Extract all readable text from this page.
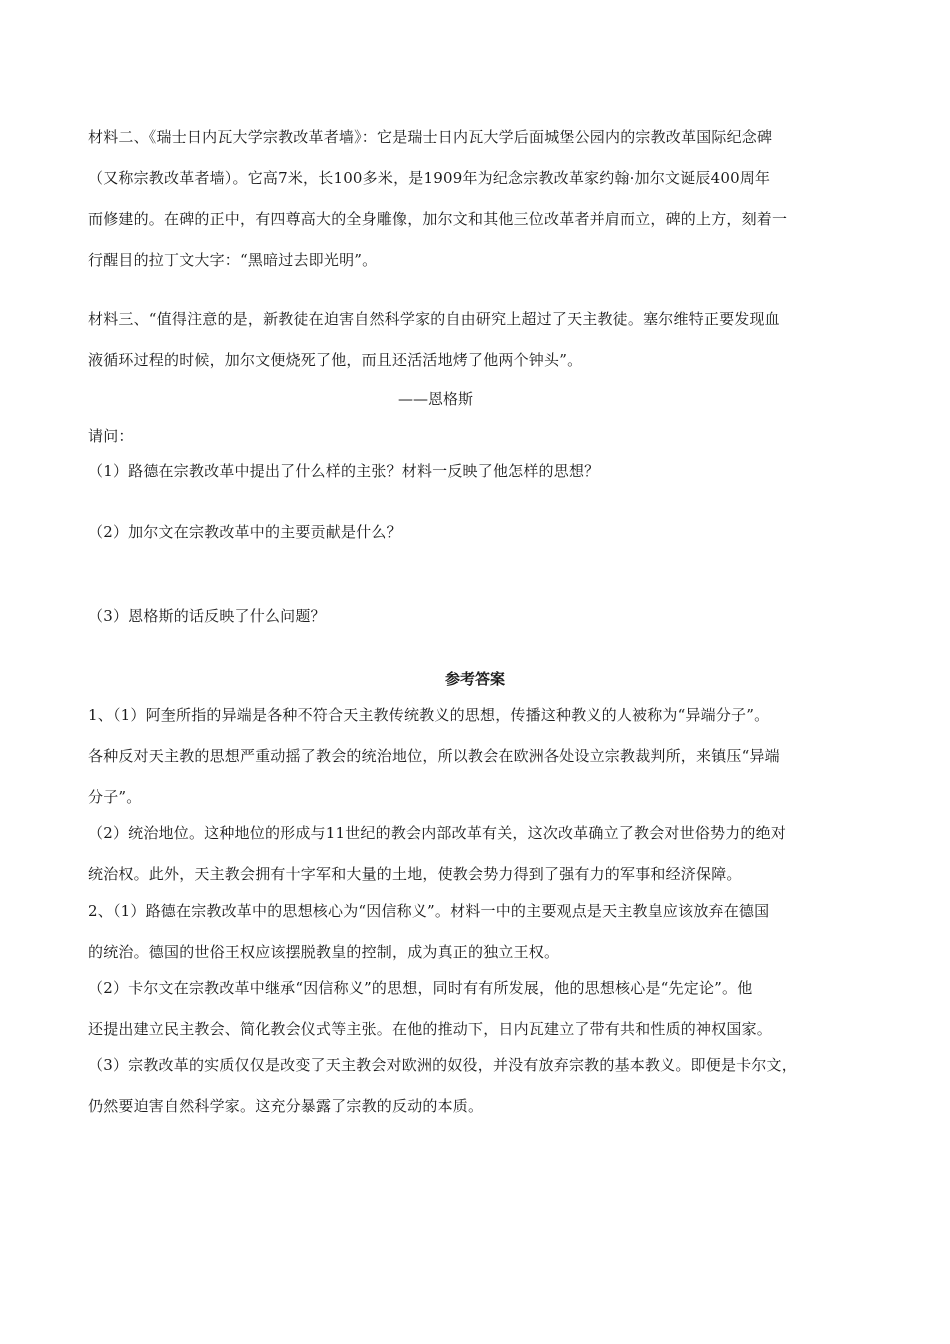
材料二、《瑞士日内瓦大学宗教改革者墙》：它是瑞士日内瓦大学后面城堡公园内的宗教改革国际纪念碑
（又称宗教改革者墙）。它高7米，长100多米，是1909年为纪念宗教改革家约翰·加尔文诞辰400周年
而修建的。在碑的正中，有四尊高大的全身雕像，加尔文和其他三位改革者并肩而立，碑的上方，刻着一
行醒目的拉丁文大字：“黑暗过去即光明”。
材料三、“值得注意的是，新教徒在迫害自然科学家的自由研究上超过了天主教徒。塞尔维特正要发现血
液循环过程的时候，加尔文便烧死了他，而且还活活地烤了他两个钟头”。
——恩格斯
请问：
（1）路德在宗教改革中提出了什么样的主张？材料一反映了他怎样的思想？
（2）加尔文在宗教改革中的主要贡献是什么？
（3）恩格斯的话反映了什么问题？
参考答案
1、（1）阿奎所指的异端是各种不符合天主教传统教义的思想，传播这种教义的人被称为“异端分子”。
各种反对天主教的思想严重动摇了教会的统治地位，所以教会在欧洲各处设立宗教裁判所，来镇压“异端
分子”。
（2）统治地位。这种地位的形成与11世纪的教会内部改革有关，这次改革确立了教会对世俗势力的绝对
统治权。此外，天主教会拥有十字军和大量的土地，使教会势力得到了强有力的军事和经济保障。
2、（1）路德在宗教改革中的思想核心为“因信称义”。材料一中的主要观点是天主教皇应该放弃在德国
的统治。德国的世俗王权应该摆脱教皇的控制，成为真正的独立王权。
（2）卡尔文在宗教改革中继承“因信称义”的思想，同时有有所发展，他的思想核心是“先定论”。他
还提出建立民主教会、简化教会仪式等主张。在他的推动下，日内瓦建立了带有共和性质的神权国家。
（3）宗教改革的实质仅仅是改变了天主教会对欧洲的奴役，并没有放弃宗教的基本教义。即便是卡尔文，
仍然要迫害自然科学家。这充分暴露了宗教的反动的本质。
